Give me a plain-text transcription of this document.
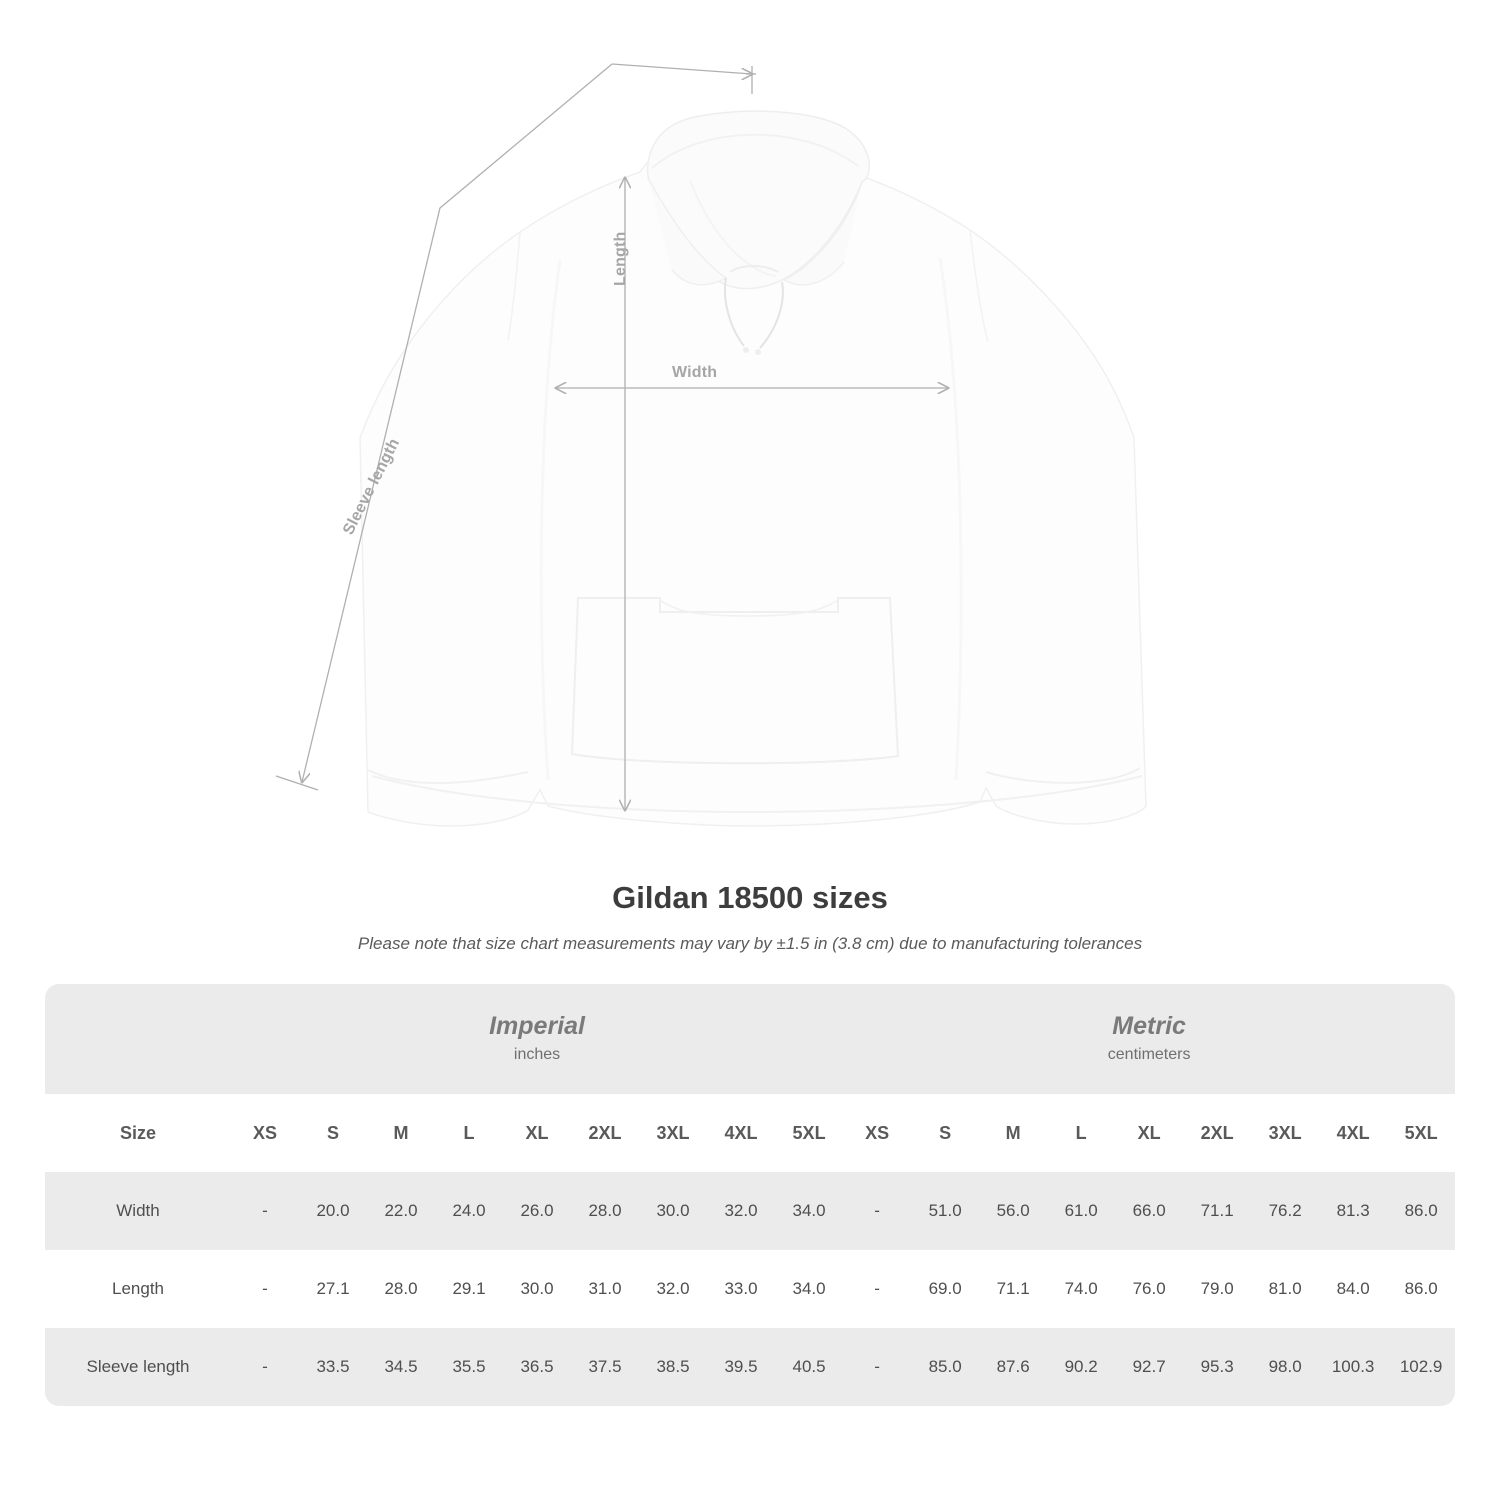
Width
Length
Sleeve length
Gildan 18500 sizes

Please note that size chart measurements may vary by ±1.5 in (3.8 cm) due to manufacturing tolerances

	Imperial
inches									Metric
centimeters								

Size	XS	S	M	L	XL	2XL	3XL	4XL	5XL	XS	S	M	L	XL	2XL	3XL	4XL	5XL
Width	-	20.0	22.0	24.0	26.0	28.0	30.0	32.0	34.0	-	51.0	56.0	61.0	66.0	71.1	76.2	81.3	86.0
Length	-	27.1	28.0	29.1	30.0	31.0	32.0	33.0	34.0	-	69.0	71.1	74.0	76.0	79.0	81.0	84.0	86.0
Sleeve length	-	33.5	34.5	35.5	36.5	37.5	38.5	39.5	40.5	-	85.0	87.6	90.2	92.7	95.3	98.0	100.3	102.9
